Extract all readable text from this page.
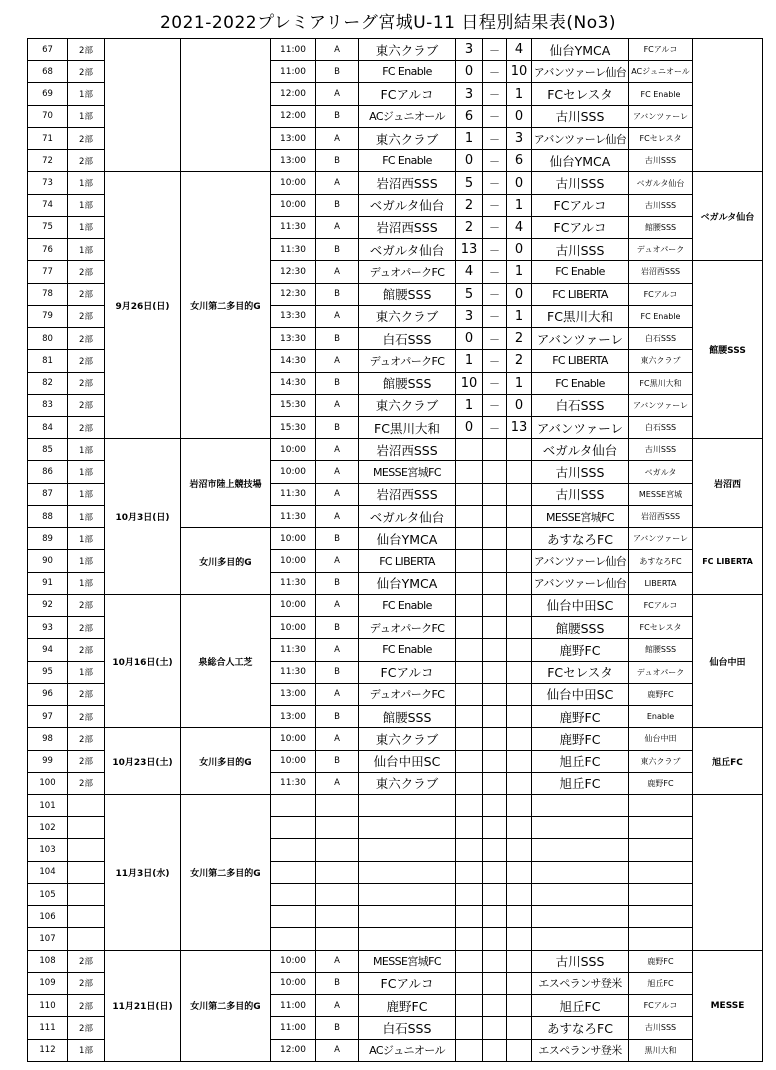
2021-2022プレミアリーグ宮城U-11 日程別結果表(No3)
67	2部			11:00	A	東六クラブ	3	－	4	仙台YMCA	FCアルコ	
68	2部			11:00	B	FC Enable	0	－	10	アバンツァーレ仙台	ACジュニオール	
69	1部			12:00	A	FCアルコ	3	－	1	FCセレスタ	FC Enable	
70	1部			12:00	B	ACジュニオール	6	－	0	古川SSS	アバンツァーレ	
71	2部			13:00	A	東六クラブ	1	－	3	アバンツァーレ仙台	FCセレスタ	
72	2部			13:00	B	FC Enable	0	－	6	仙台YMCA	古川SSS	
73	1部	9月26日(日)	女川第二多目的G	10:00	A	岩沼西SSS	5	－	0	古川SSS	ベガルタ仙台	ベガルタ仙台
74	1部			10:00	B	ベガルタ仙台	2	－	1	FCアルコ	古川SSS	
75	1部			11:30	A	岩沼西SSS	2	－	4	FCアルコ	館腰SSS	
76	1部			11:30	B	ベガルタ仙台	13	－	0	古川SSS	デュオパーク	
77	2部			12:30	A	デュオパークFC	4	－	1	FC Enable	岩沼西SSS	館腰SSS
78	2部			12:30	B	館腰SSS	5	－	0	FC LIBERTA	FCアルコ	
79	2部			13:30	A	東六クラブ	3	－	1	FC黒川大和	FC Enable	
80	2部			13:30	B	白石SSS	0	－	2	アバンツァーレ	白石SSS	
81	2部			14:30	A	デュオパークFC	1	－	2	FC LIBERTA	東六クラブ	
82	2部			14:30	B	館腰SSS	10	－	1	FC Enable	FC黒川大和	
83	2部			15:30	A	東六クラブ	1	－	0	白石SSS	アバンツァーレ	
84	2部			15:30	B	FC黒川大和	0	－	13	アバンツァーレ	白石SSS	
85	1部	10月3日(日)	岩沼市陸上競技場	10:00	A	岩沼西SSS				ベガルタ仙台	古川SSS	岩沼西
86	1部			10:00	A	MESSE宮城FC				古川SSS	ベガルタ	
87	1部			11:30	A	岩沼西SSS				古川SSS	MESSE宮城	
88	1部			11:30	A	ベガルタ仙台				MESSE宮城FC	岩沼西SSS	
89	1部		女川多目的G	10:00	B	仙台YMCA				あすなろFC	アバンツァーレ	FC LIBERTA
90	1部			10:00	A	FC LIBERTA				アバンツァーレ仙台	あすなろFC	
91	1部			11:30	B	仙台YMCA				アバンツァーレ仙台	LIBERTA	
92	2部	10月16日(土)	泉総合人工芝	10:00	A	FC Enable				仙台中田SC	FCアルコ	仙台中田
93	2部			10:00	B	デュオパークFC				館腰SSS	FCセレスタ	
94	2部			11:30	A	FC Enable				鹿野FC	館腰SSS	
95	1部			11:30	B	FCアルコ				FCセレスタ	デュオパーク	
96	2部			13:00	A	デュオパークFC				仙台中田SC	鹿野FC	
97	2部			13:00	B	館腰SSS				鹿野FC	Enable	
98	2部	10月23日(土)	女川多目的G	10:00	A	東六クラブ				鹿野FC	仙台中田	旭丘FC
99	2部			10:00	B	仙台中田SC				旭丘FC	東六クラブ	
100	2部			11:30	A	東六クラブ				旭丘FC	鹿野FC	
101		11月3日(水)	女川第二多目的G									
102												
103												
104												
105												
106												
107												
108	2部	11月21日(日)	女川第二多目的G	10:00	A	MESSE宮城FC				古川SSS	鹿野FC	MESSE
109	2部			10:00	B	FCアルコ				エスペランサ登米	旭丘FC	
110	2部			11:00	A	鹿野FC				旭丘FC	FCアルコ	
111	2部			11:00	B	白石SSS				あすなろFC	古川SSS	
112	1部			12:00	A	ACジュニオール				エスペランサ登米	黒川大和	
